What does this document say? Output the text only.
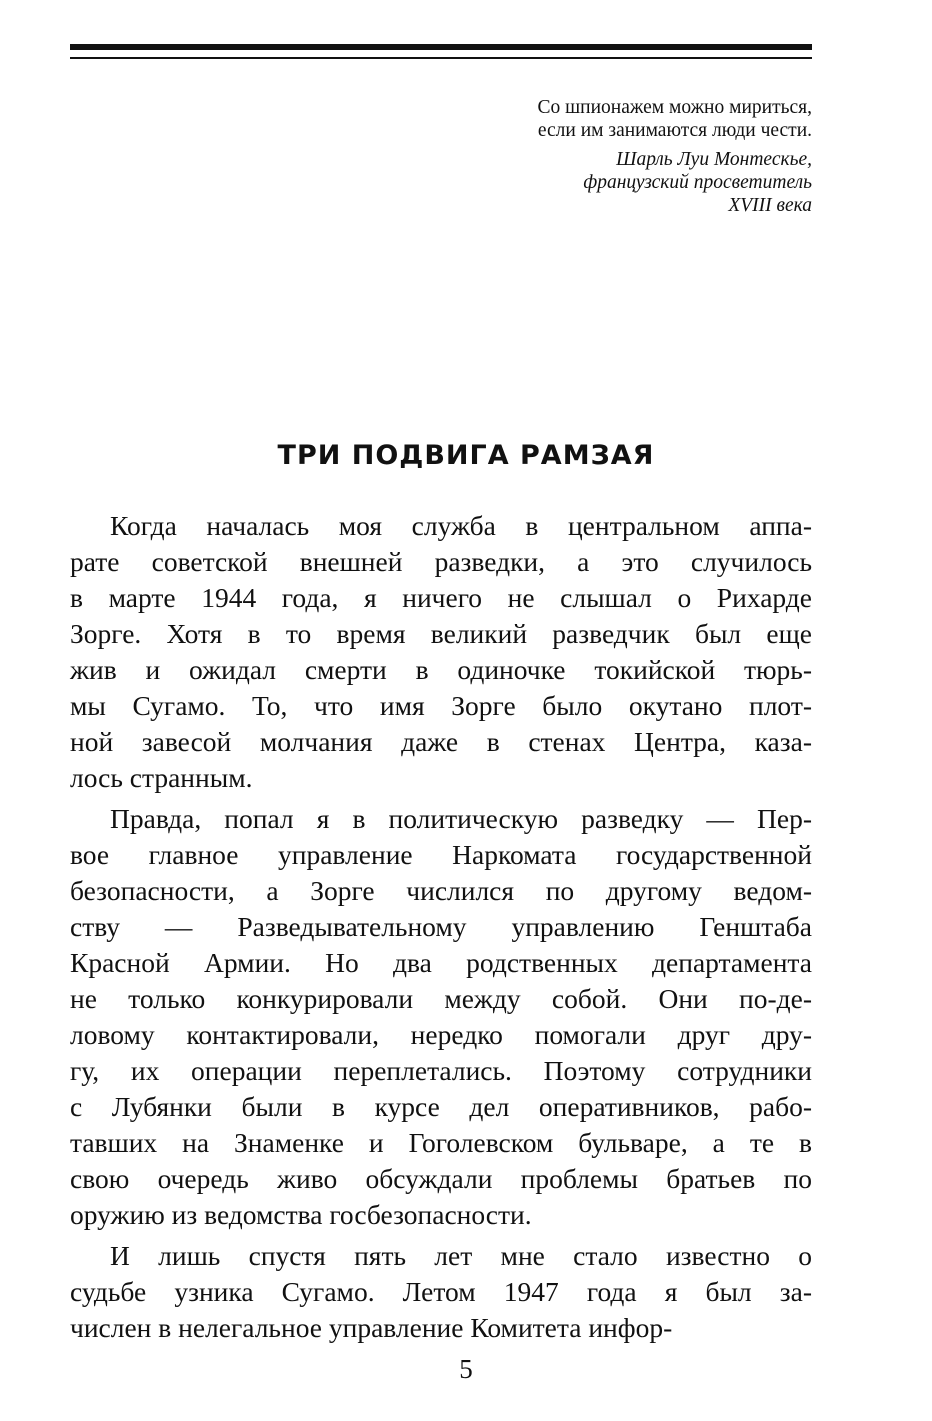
Со шпионажем можно мириться,
если им занимаются люди чести.
Шарль Луи Монтескье,
французский просветитель
XVIII века
ТРИ ПОДВИГА РАМЗАЯ
Когда началась моя служба в центральном аппа-
рате советской внешней разведки, а это случилось
в марте 1944 года, я ничего не слышал о Рихарде
Зорге. Хотя в то время великий разведчик был еще
жив и ожидал смерти в одиночке токийской тюрь-
мы Сугамо. То, что имя Зорге было окутано плот-
ной завесой молчания даже в стенах Центра, каза-
лось странным.
Правда, попал я в политическую разведку — Пер-
вое главное управление Наркомата государственной
безопасности, а Зорге числился по другому ведом-
ству — Разведывательному управлению Генштаба
Красной Армии. Но два родственных департамента
не только конкурировали между собой. Они по-де-
ловому контактировали, нередко помогали друг дру-
гу, их операции переплетались. Поэтому сотрудники
с Лубянки были в курсе дел оперативников, рабо-
тавших на Знаменке и Гоголевском бульваре, а те в
свою очередь живо обсуждали проблемы братьев по
оружию из ведомства госбезопасности.
И лишь спустя пять лет мне стало известно о
судьбе узника Сугамо. Летом 1947 года я был за-
числен в нелегальное управление Комитета инфор-
5
